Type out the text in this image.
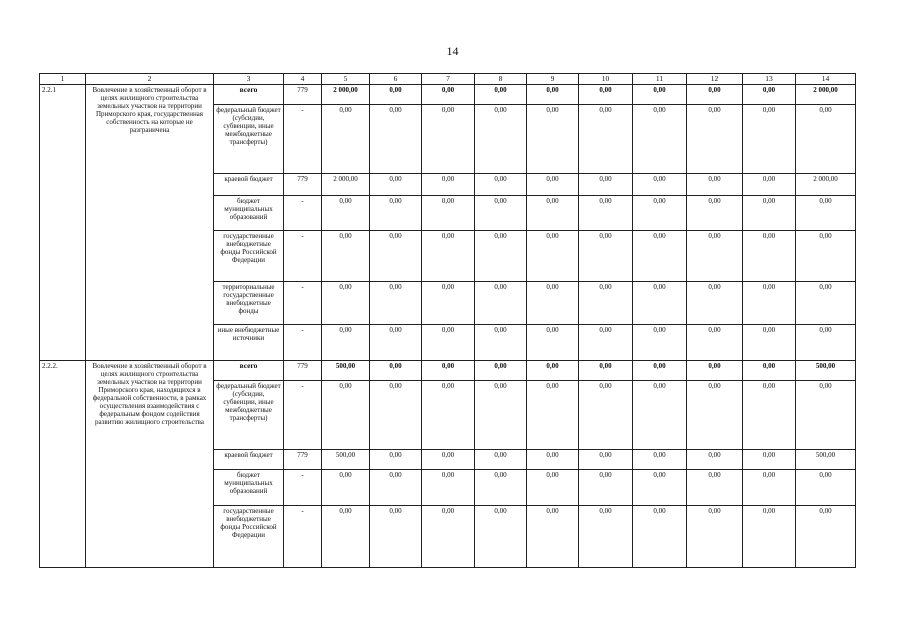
14
1	2	3	4	5	6	7	8	9	10	11	12	13	14
2.2.1	Вовлечение в хозяйственный оборот в целях жилищного строительства земельных участков на территории Приморского края, государственная собственность на которые не разграничена	всего	779	2 000,00	0,00	0,00	0,00	0,00	0,00	0,00	0,00	0,00	2 000,00
		федеральный бюджет (субсидии, субвенции, иные межбюджетные трансферты)	-	0,00	0,00	0,00	0,00	0,00	0,00	0,00	0,00	0,00	0,00
		краевой бюджет	779	2 000,00	0,00	0,00	0,00	0,00	0,00	0,00	0,00	0,00	2 000,00
		бюджет муниципальных образований	-	0,00	0,00	0,00	0,00	0,00	0,00	0,00	0,00	0,00	0,00
		государственные внебюджетные фонды Российской Федерации	-	0,00	0,00	0,00	0,00	0,00	0,00	0,00	0,00	0,00	0,00
		территориальные государственные внебюджетные фонды	-	0,00	0,00	0,00	0,00	0,00	0,00	0,00	0,00	0,00	0,00
		иные внебюджетные источники	-	0,00	0,00	0,00	0,00	0,00	0,00	0,00	0,00	0,00	0,00
2.2.2.	Вовлечение в хозяйственный оборот в целях жилищного строительства земельных участков на территории Приморского края, находящихся в федеральной собственности, в рамках осуществления взаимодействия с федеральным фондом содействия развитию жилищного строительства	всего	779	500,00	0,00	0,00	0,00	0,00	0,00	0,00	0,00	0,00	500,00
		федеральный бюджет (субсидии, субвенции, иные межбюджетные трансферты)	-	0,00	0,00	0,00	0,00	0,00	0,00	0,00	0,00	0,00	0,00
		краевой бюджет	779	500,00	0,00	0,00	0,00	0,00	0,00	0,00	0,00	0,00	500,00
		бюджет муниципальных образований	-	0,00	0,00	0,00	0,00	0,00	0,00	0,00	0,00	0,00	0,00
		государственные внебюджетные фонды Российской Федерации	-	0,00	0,00	0,00	0,00	0,00	0,00	0,00	0,00	0,00	0,00
